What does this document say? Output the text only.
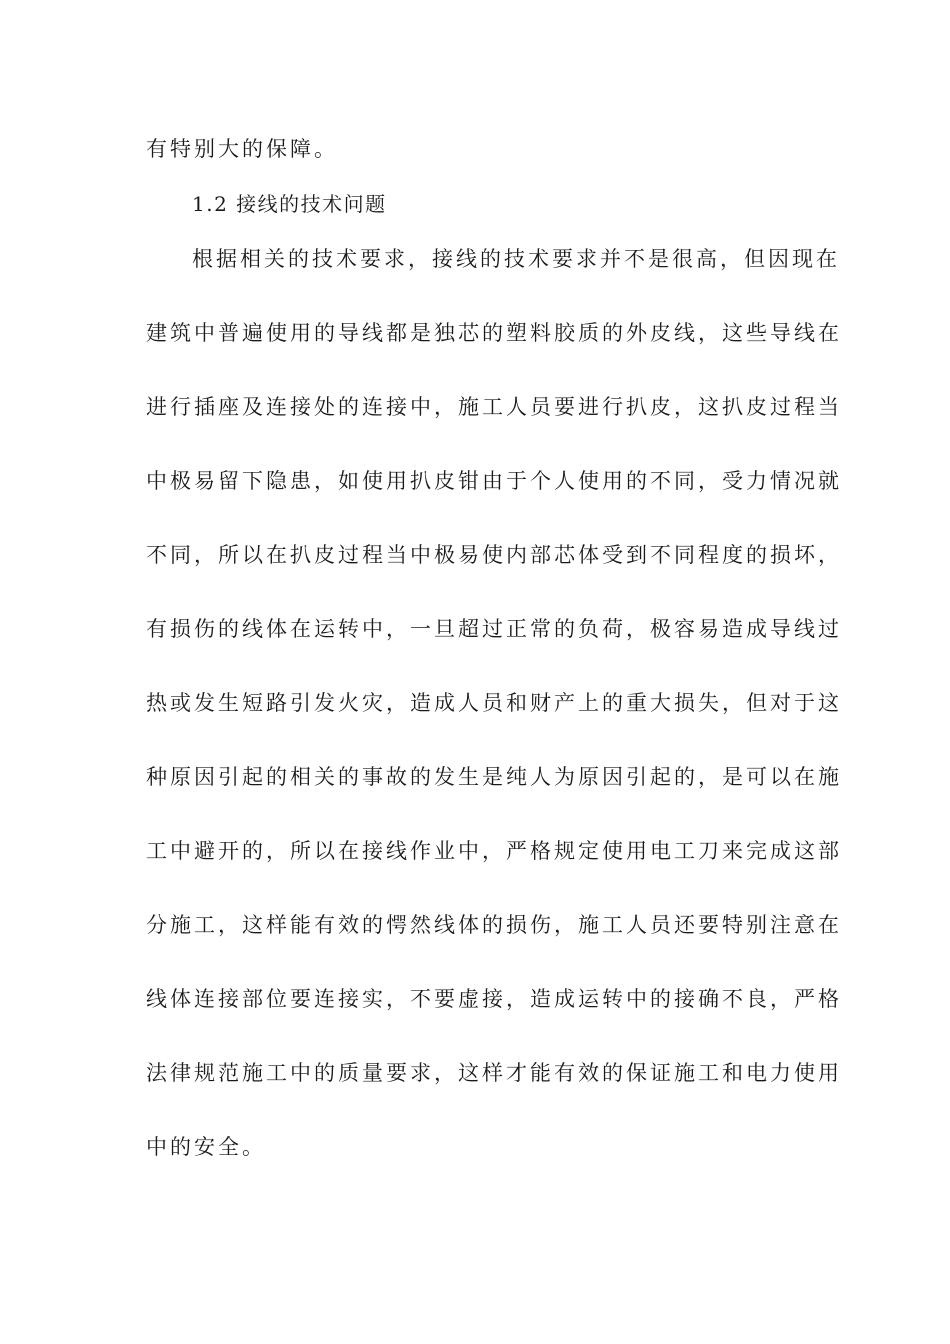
有特别大的保障。
1.2 接线的技术问题
根据相关的技术要求，接线的技术要求并不是很高，但因现在
建筑中普遍使用的导线都是独芯的塑料胶质的外皮线，这些导线在
进行插座及连接处的连接中，施工人员要进行扒皮，这扒皮过程当
中极易留下隐患，如使用扒皮钳由于个人使用的不同，受力情况就
不同，所以在扒皮过程当中极易使内部芯体受到不同程度的损坏，
有损伤的线体在运转中，一旦超过正常的负荷，极容易造成导线过
热或发生短路引发火灾，造成人员和财产上的重大损失，但对于这
种原因引起的相关的事故的发生是纯人为原因引起的，是可以在施
工中避开的，所以在接线作业中，严格规定使用电工刀来完成这部
分施工，这样能有效的愕然线体的损伤，施工人员还要特别注意在
线体连接部位要连接实，不要虚接，造成运转中的接确不良，严格
法律规范施工中的质量要求，这样才能有效的保证施工和电力使用
中的安全。
